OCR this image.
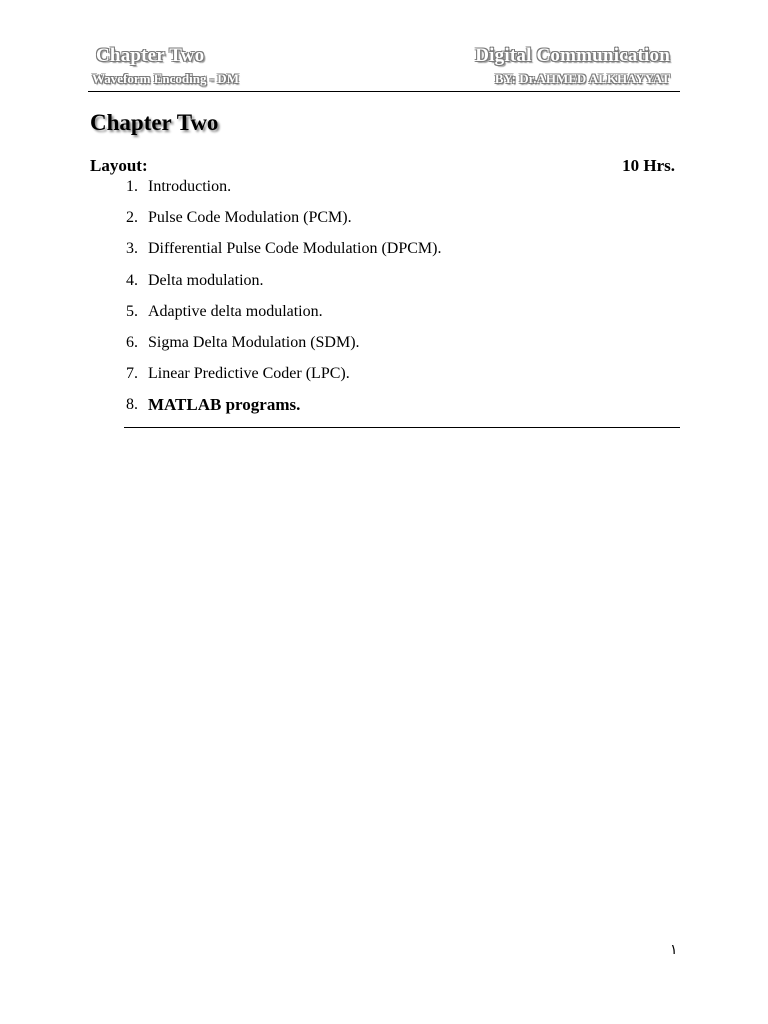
Chapter Two
Waveform Encoding - DM
Digital Communication
BY: Dr.AHMED ALKHAYYAT
Chapter Two
Layout:	10 Hrs.
1. Introduction.
2. Pulse Code Modulation (PCM).
3. Differential Pulse Code Modulation (DPCM).
4. Delta modulation.
5. Adaptive delta modulation.
6. Sigma Delta Modulation (SDM).
7. Linear Predictive Coder (LPC).
8. MATLAB programs.
١
